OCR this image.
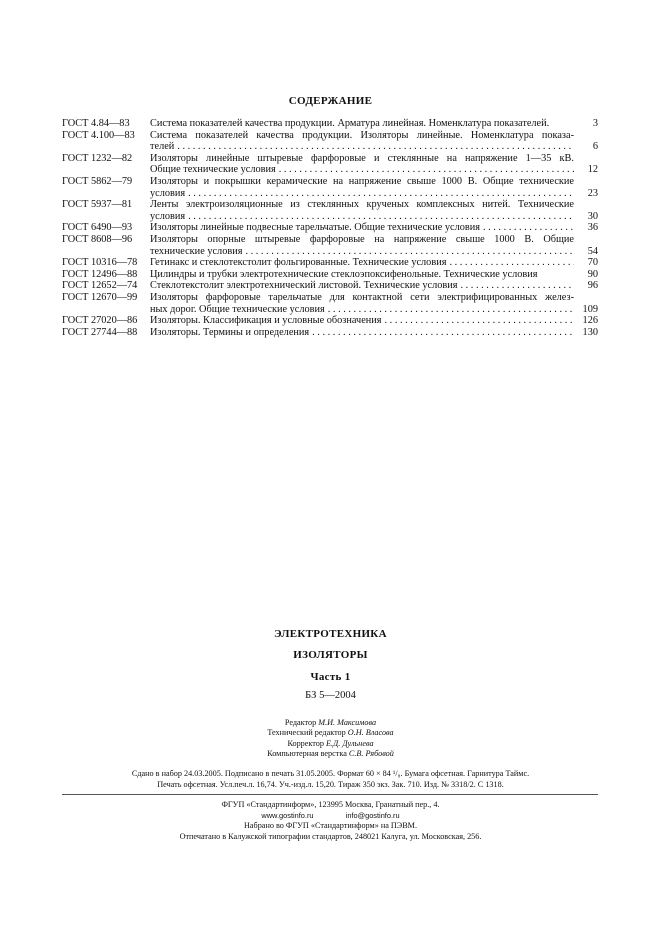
СОДЕРЖАНИЕ
ГОСТ 4.84—83	Система показателей качества продукции. Арматура линейная. Номенклатура показателей.	3
ГОСТ 4.100—83	Система показателей качества продукции. Изоляторы линейные. Номенклатура показа-
телей . . .	6
ГОСТ 1232—82	Изоляторы линейные штыревые фарфоровые и стеклянные на напряжение 1—35 кВ.
Общие технические условия . . .	12
ГОСТ 5862—79	Изоляторы и покрышки керамические на напряжение свыше 1000 В. Общие технические
условия . . .	23
ГОСТ 5937—81	Ленты электроизоляционные из стеклянных крученых комплексных нитей. Технические
условия . . .	30
ГОСТ 6490—93	Изоляторы линейные подвесные тарельчатые. Общие технические условия . . .	36
ГОСТ 8608—96	Изоляторы опорные штыревые фарфоровые на напряжение свыше 1000 В. Общие
технические условия . . .	54
ГОСТ 10316—78	Гетинакс и стеклотекстолит фольгированные. Технические условия . . .	70
ГОСТ 12496—88	Цилиндры и трубки электротехнические стеклоэпоксифенольные. Технические условия	90
ГОСТ 12652—74	Стеклотекстолит электротехнический листовой. Технические условия . . .	96
ГОСТ 12670—99	Изоляторы фарфоровые тарельчатые для контактной сети электрифицированных желез-
ных дорог. Общие технические условия . . .	109
ГОСТ 27020—86	Изоляторы. Классификация и условные обозначения . . .	126
ГОСТ 27744—88	Изоляторы. Термины и определения . . .	130
ЭЛЕКТРОТЕХНИКА
ИЗОЛЯТОРЫ
Часть 1
БЗ 5—2004
Редактор М.И. Максимова
Технический редактор О.Н. Власова
Корректор Е.Д. Дульнева
Компьютерная верстка С.В. Рябовой
Сдано в набор 24.03.2005. Подписано в печать 31.05.2005. Формат 60 × 84 ¹/₈. Бумага офсетная. Гарнитура Таймс.
Печать офсетная. Усл.печ.л. 16,74. Уч.-изд.л. 15,20. Тираж 350 экз. Зак. 710. Изд. № 3318/2. С 1318.
ФГУП «Стандартинформ», 123995 Москва, Гранатный пер., 4.
www.gostinfo.ru	info@gostinfo.ru
Набрано во ФГУП «Стандартинформ» на ПЭВМ.
Отпечатано в Калужской типографии стандартов, 248021 Калуга, ул. Московская, 256.
